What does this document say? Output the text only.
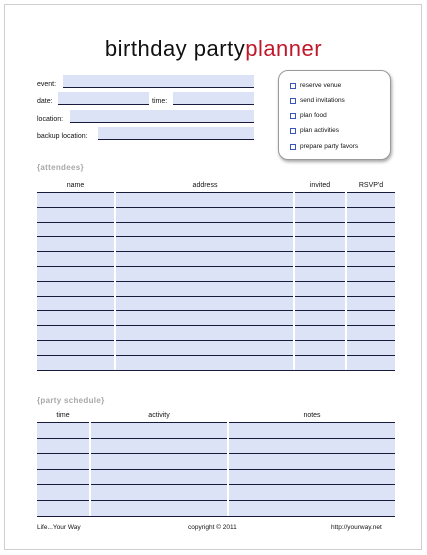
birthday partyplanner
event:
date:	time:
location:
backup location:
reserve venue
send invitations
plan food
plan activities
prepare party favors
{attendees}
name	address	invited	RSVP'd
{party schedule}
time	activity	notes
Life...Your Way	copyright © 2011	http://yourway.net
